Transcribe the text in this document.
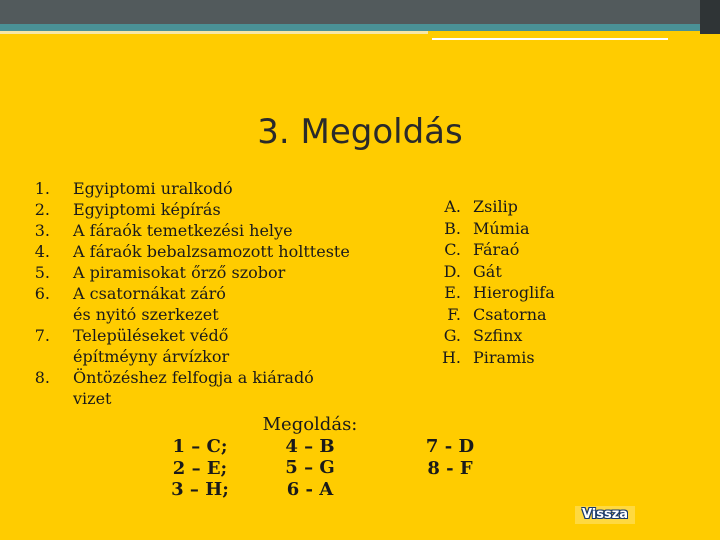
3. Megoldás
1. Egyiptomi uralkodó
2. Egyiptomi képírás
3. A fáraók temetkezési helye
4. A fáraók bebalzsamozott holtteste
5. A piramisokat őrző szobor
6. A csatornákat záró és nyitó szerkezet
7. Településeket védő építméyny árvízkor
8. Öntözéshez felfogja a kiáradó vizet
A. Zsilip
B. Múmia
C. Fáraó
D. Gát
E. Hieroglifa
F. Csatorna
G. Szfinx
H. Piramis
1 – C;
2 – E;
3 – H;
Megoldás:
4 – B
5 – G
6 - A
7 - D
8 - F
Vissza
